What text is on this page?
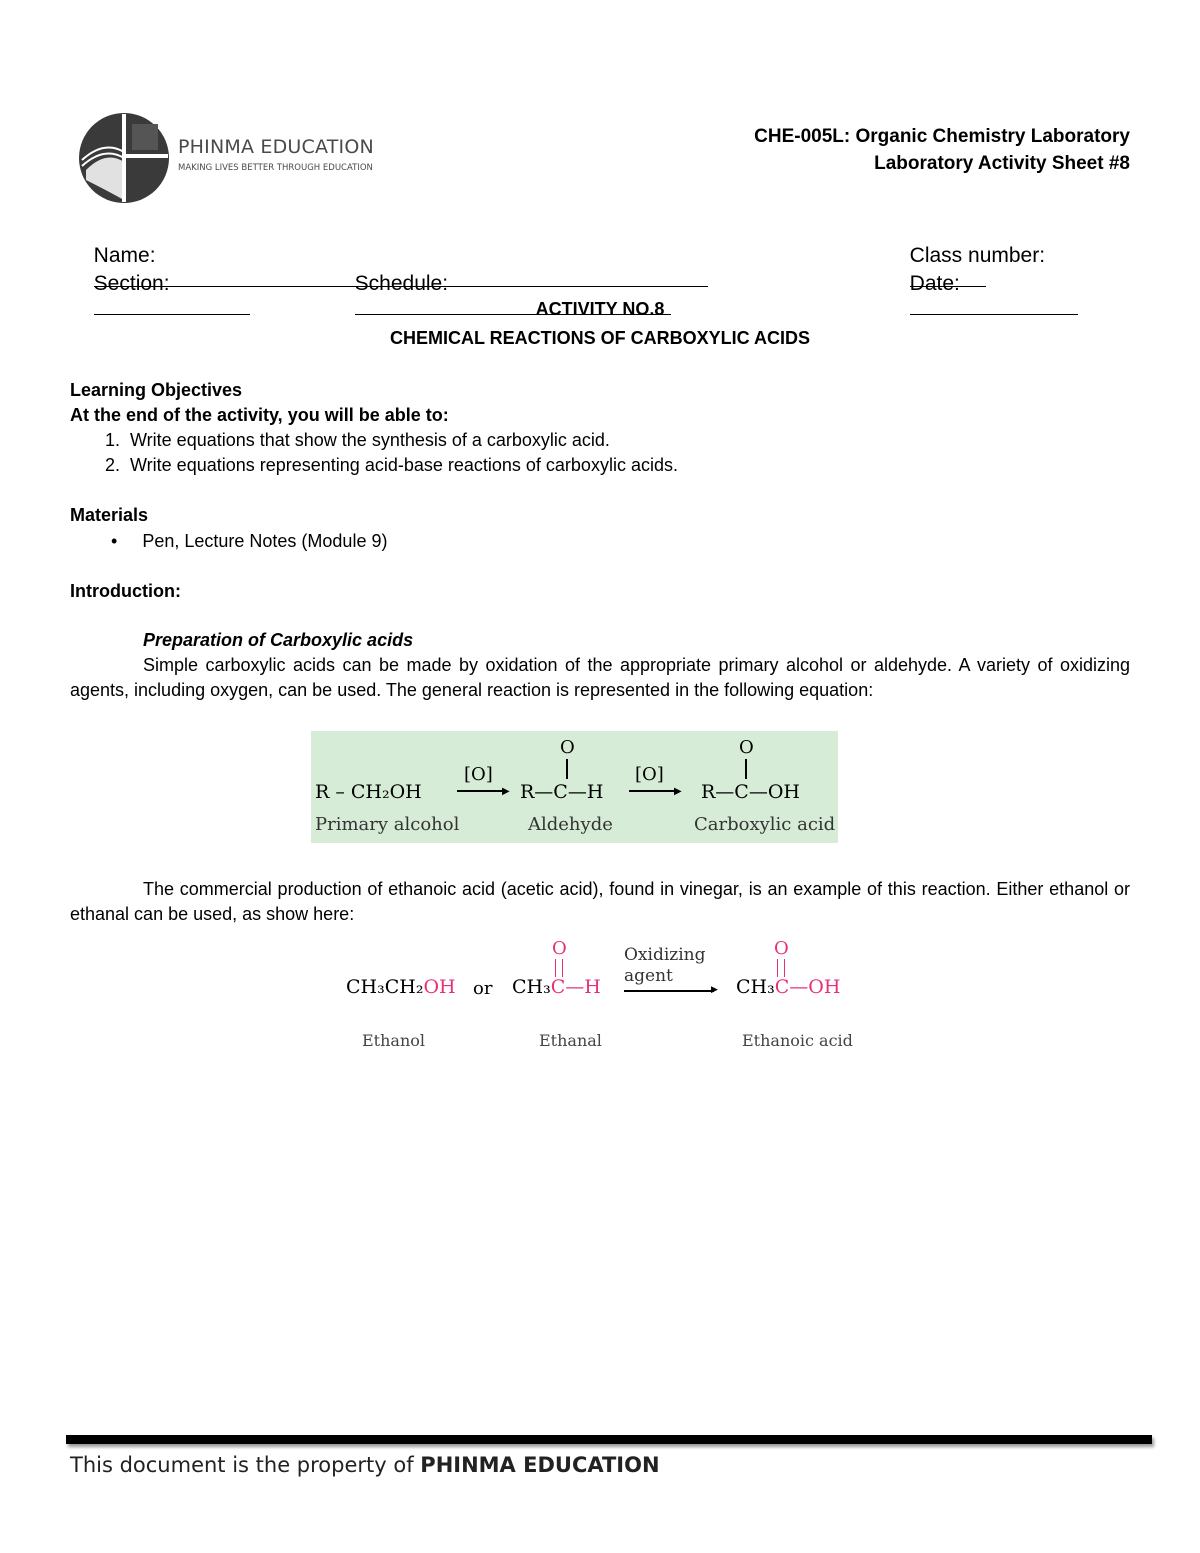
PHINMA EDUCATION
MAKING LIVES BETTER THROUGH EDUCATION
CHE-005L: Organic Chemistry Laboratory
Laboratory Activity Sheet #8

Name:
	Class number:

Section:
	Schedule:
	Date:

ACTIVITY NO.8
CHEMICAL REACTIONS OF CARBOXYLIC ACIDS
Learning Objectives
At the end of the activity, you will be able to:
1.  Write equations that show the synthesis of a carboxylic acid.
2.  Write equations representing acid-base reactions of carboxylic acids.
Materials
• Pen, Lecture Notes (Module 9)
Introduction:
Preparation of Carboxylic acids
Simple carboxylic acids can be made by oxidation of the appropriate primary alcohol or aldehyde. A variety of oxidizing agents, including oxygen, can be used. The general reaction is represented in the following equation:
R – CH₂OH
Primary alcohol
[O]
▶
O
R—C—H
Aldehyde
[O]
▶
O
R—C—OH
Carboxylic acid
The commercial production of ethanoic acid (acetic acid), found in vinegar, is an example of this reaction. Either ethanol or ethanal can be used, as show here:
CH₃CH₂OH or
O
CH₃C—H
Oxidizing
agent
▶
O
CH₃C—OH
Ethanol	Ethanal	Ethanoic acid
This document is the property of PHINMA EDUCATION
